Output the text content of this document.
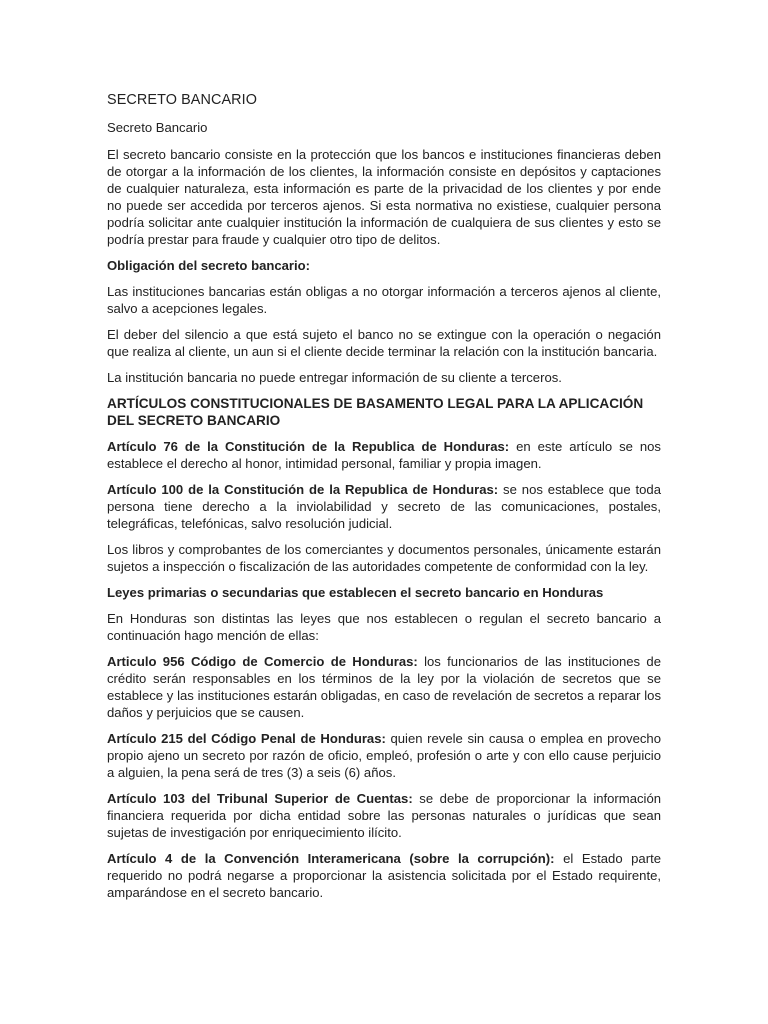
SECRETO BANCARIO
Secreto Bancario

El secreto bancario consiste en la protección que los bancos e instituciones financieras deben de otorgar a la información de los clientes, la información consiste en depósitos y captaciones de cualquier naturaleza, esta información es parte de la privacidad de los clientes y por ende no puede ser accedida por terceros ajenos. Si esta normativa no existiese, cualquier persona podría solicitar ante cualquier institución la información de cualquiera de sus clientes y esto se podría prestar para fraude y cualquier otro tipo de delitos.

Obligación del secreto bancario:

Las instituciones bancarias están obligas a no otorgar información a terceros ajenos al cliente, salvo a acepciones legales.

El deber del silencio a que está sujeto el banco no se extingue con la operación o negación que realiza al cliente, un aun si el cliente decide terminar la relación con la institución bancaria.

La institución bancaria no puede entregar información de su cliente a terceros.

ARTÍCULOS CONSTITUCIONALES DE BASAMENTO LEGAL PARA LA APLICACIÓN DEL SECRETO BANCARIO

Artículo 76 de la Constitución de la Republica de Honduras: en este artículo se nos establece el derecho al honor, intimidad personal, familiar y propia imagen.

Artículo 100 de la Constitución de la Republica de Honduras: se nos establece que toda persona tiene derecho a la inviolabilidad y secreto de las comunicaciones, postales, telegráficas, telefónicas, salvo resolución judicial.

Los libros y comprobantes de los comerciantes y documentos personales, únicamente estarán sujetos a inspección o fiscalización de las autoridades competente de conformidad con la ley.

Leyes primarias o secundarias que establecen el secreto bancario en Honduras

En Honduras son distintas las leyes que nos establecen o regulan el secreto bancario a continuación hago mención de ellas:

Articulo 956 Código de Comercio de Honduras: los funcionarios de las instituciones de crédito serán responsables en los términos de la ley por la violación de secretos que se establece y las instituciones estarán obligadas, en caso de revelación de secretos a reparar los daños y perjuicios que se causen.

Artículo 215 del Código Penal de Honduras: quien revele sin causa o emplea en provecho propio ajeno un secreto por razón de oficio, empleó, profesión o arte y con ello cause perjuicio a alguien, la pena será de tres (3) a seis (6) años.

Artículo 103 del Tribunal Superior de Cuentas: se debe de proporcionar la información financiera requerida por dicha entidad sobre las personas naturales o jurídicas que sean sujetas de investigación por enriquecimiento ilícito.

Artículo 4 de la Convención Interamericana (sobre la corrupción): el Estado parte requerido no podrá negarse a proporcionar la asistencia solicitada por el Estado requirente, amparándose en el secreto bancario.
